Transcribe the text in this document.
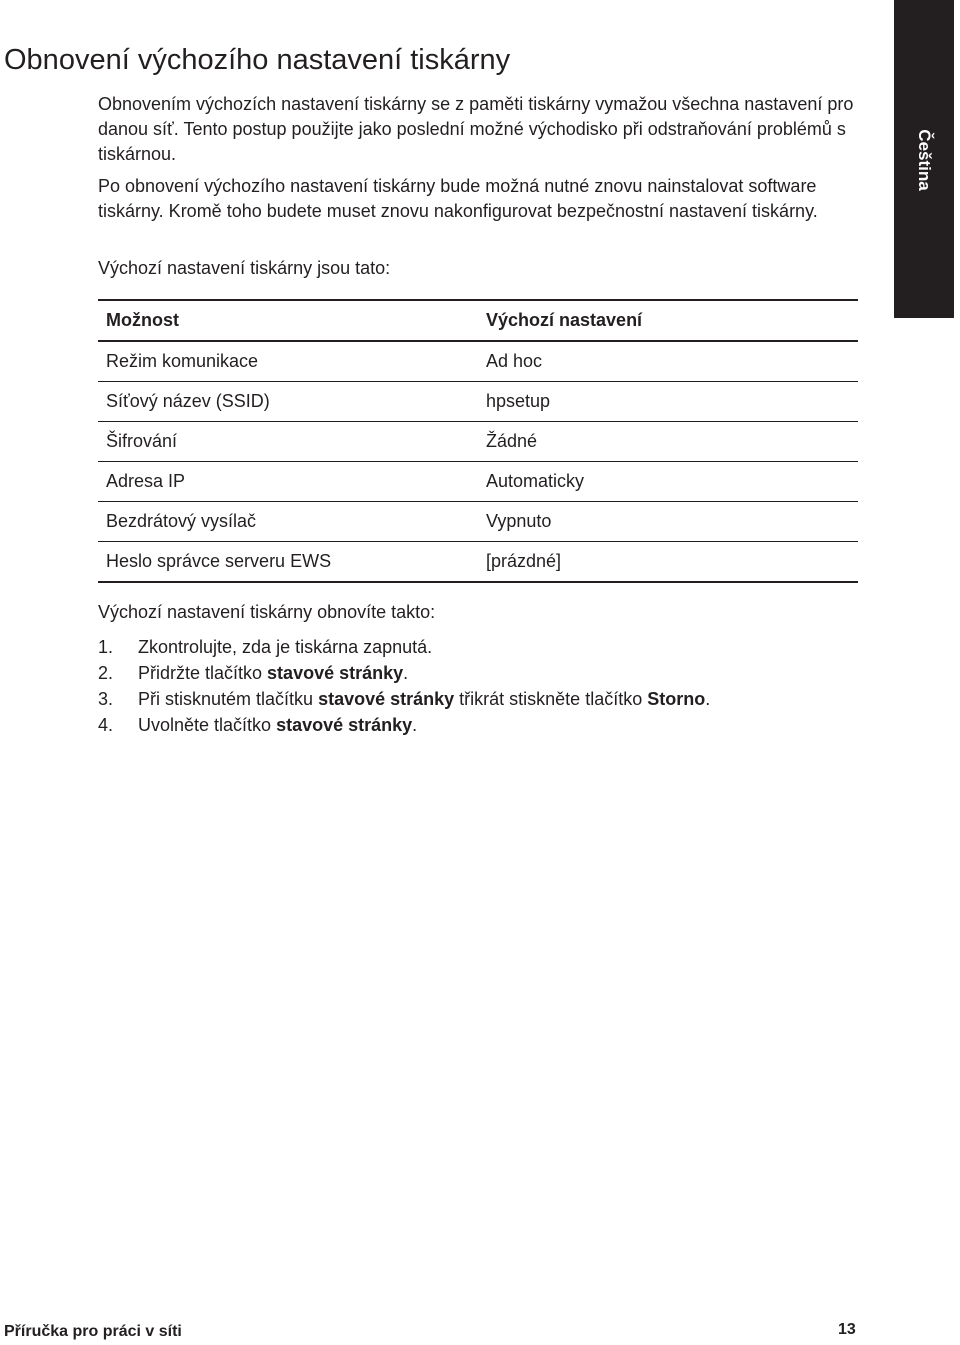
Čeština
Obnovení výchozího nastavení tiskárny

Obnovením výchozích nastavení tiskárny se z paměti tiskárny vymažou všechna nastavení pro danou síť. Tento postup použijte jako poslední možné východisko při odstraňování problémů s tiskárnou.

Po obnovení výchozího nastavení tiskárny bude možná nutné znovu nainstalovat software tiskárny. Kromě toho budete muset znovu nakonfigurovat bezpečnostní nastavení tiskárny.

Výchozí nastavení tiskárny jsou tato:

Možnost	Výchozí nastavení
Režim komunikace	Ad hoc
Síťový název (SSID)	hpsetup
Šifrování	Žádné
Adresa IP	Automaticky
Bezdrátový vysílač	Vypnuto
Heslo správce serveru EWS	[prázdné]

Výchozí nastavení tiskárny obnovíte takto:

1. Zkontrolujte, zda je tiskárna zapnutá.
2. Přidržte tlačítko stavové stránky.
3. Při stisknutém tlačítku stavové stránky třikrát stiskněte tlačítko Storno.
4. Uvolněte tlačítko stavové stránky.
Příručka pro práci v síti	13
